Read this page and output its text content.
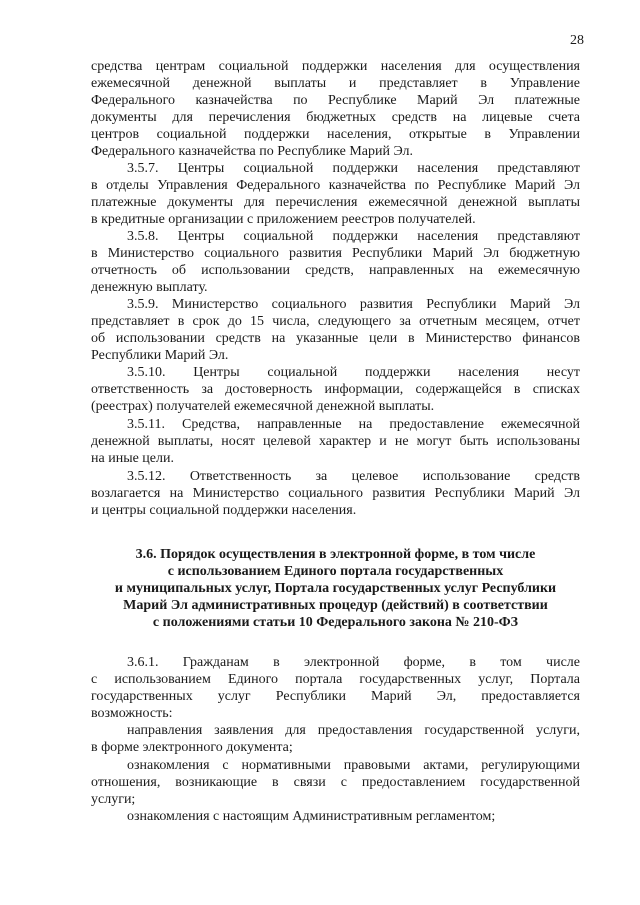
28
средства центрам социальной поддержки населения для осуществления
ежемесячной денежной выплаты и представляет в Управление
Федерального казначейства по Республике Марий Эл платежные
документы для перечисления бюджетных средств на лицевые счета
центров социальной поддержки населения, открытые в Управлении
Федерального казначейства по Республике Марий Эл.
3.5.7. Центры социальной поддержки населения представляют
в отделы Управления Федерального казначейства по Республике Марий Эл
платежные документы для перечисления ежемесячной денежной выплаты
в кредитные организации с приложением реестров получателей.
3.5.8. Центры социальной поддержки населения представляют
в Министерство социального развития Республики Марий Эл бюджетную
отчетность об использовании средств, направленных на ежемесячную
денежную выплату.
3.5.9. Министерство социального развития Республики Марий Эл
представляет в срок до 15 числа, следующего за отчетным месяцем, отчет
об использовании средств на указанные цели в Министерство финансов
Республики Марий Эл.
3.5.10. Центры социальной поддержки населения несут
ответственность за достоверность информации, содержащейся в списках
(реестрах) получателей ежемесячной денежной выплаты.
3.5.11. Средства, направленные на предоставление ежемесячной
денежной выплаты, носят целевой характер и не могут быть использованы
на иные цели.
3.5.12. Ответственность за целевое использование средств
возлагается на Министерство социального развития Республики Марий Эл
и центры социальной поддержки населения.
3.6. Порядок осуществления в электронной форме, в том числе
с использованием Единого портала государственных
и муниципальных услуг, Портала государственных услуг Республики
Марий Эл административных процедур (действий) в соответствии
с положениями статьи 10 Федерального закона № 210-ФЗ
3.6.1. Гражданам в электронной форме, в том числе
с использованием Единого портала государственных услуг, Портала
государственных услуг Республики Марий Эл, предоставляется
возможность:
направления заявления для предоставления государственной услуги,
в форме электронного документа;
ознакомления с нормативными правовыми актами, регулирующими
отношения, возникающие в связи с предоставлением государственной
услуги;
ознакомления с настоящим Административным регламентом;
